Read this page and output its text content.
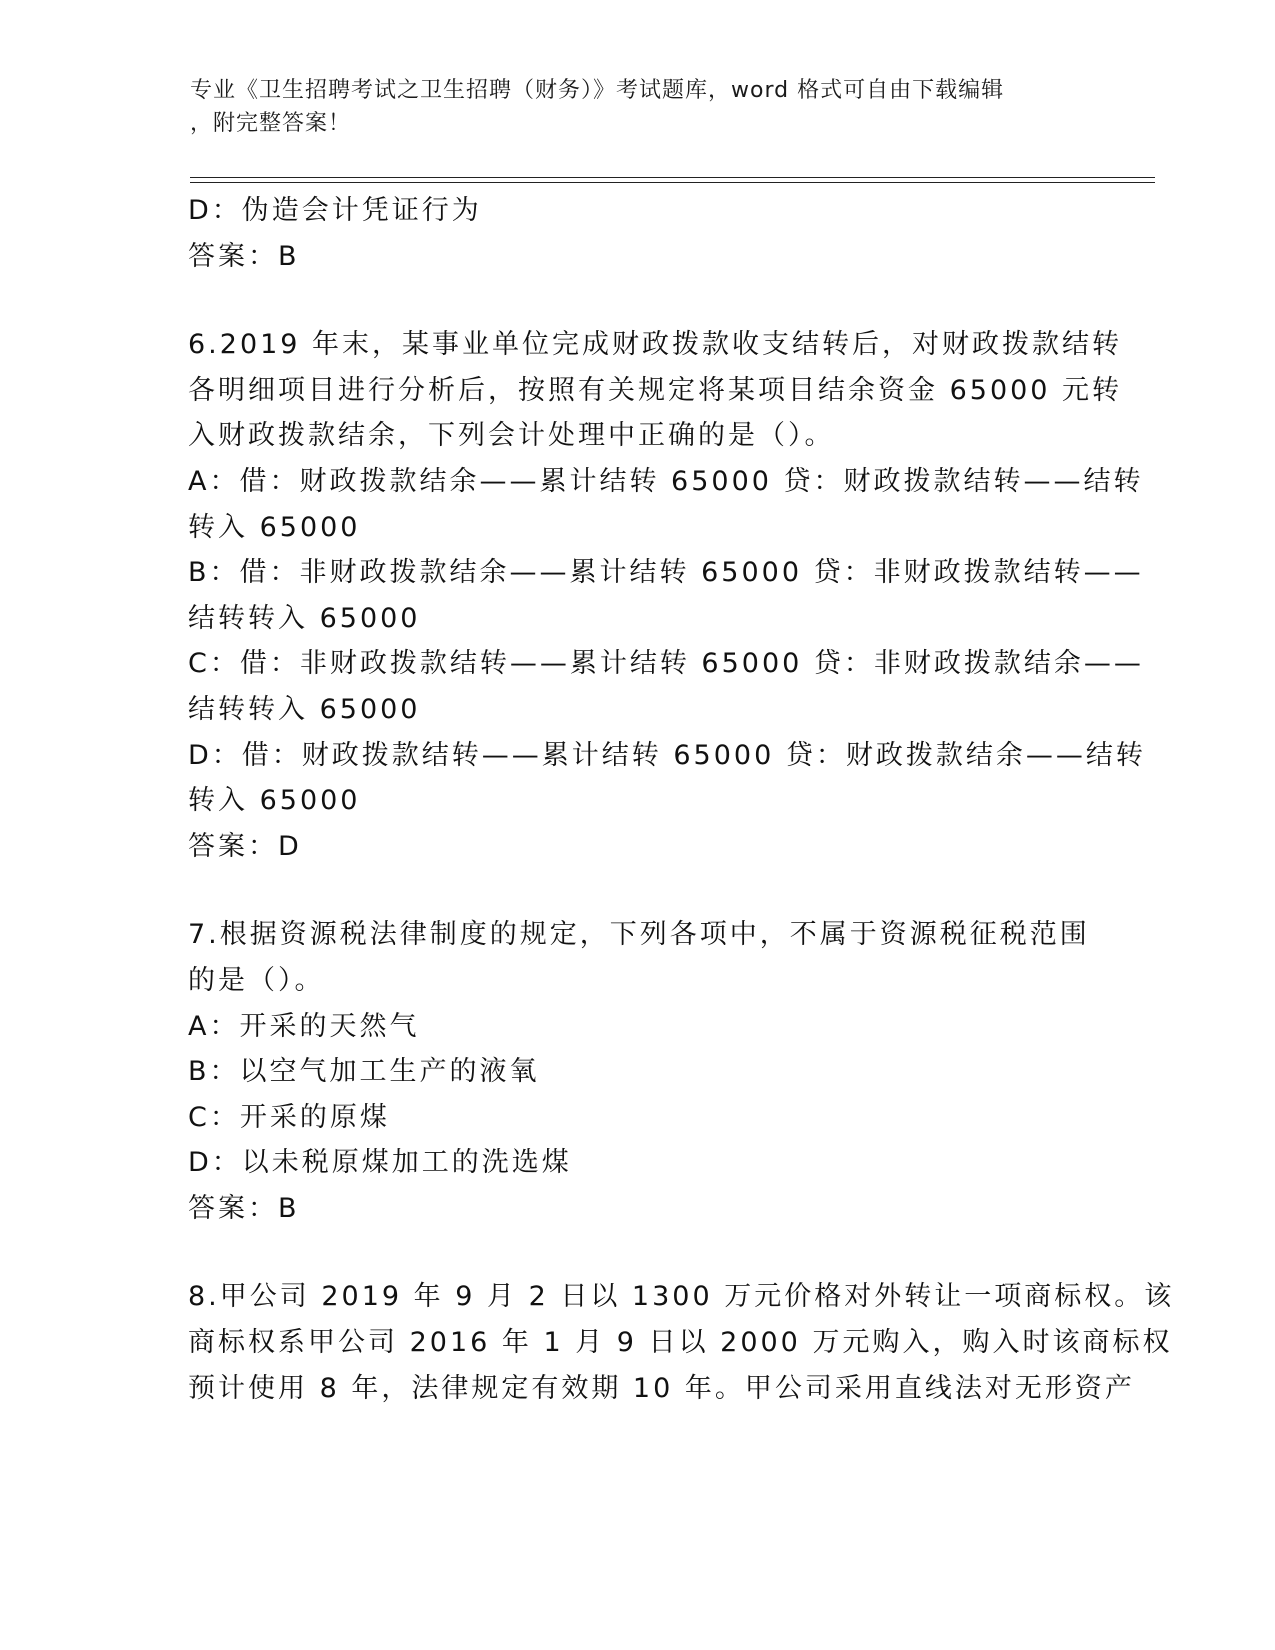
专业《卫生招聘考试之卫生招聘（财务）》考试题库，word 格式可自由下载编辑
，附完整答案！
D：伪造会计凭证行为
答案：B
6.2019 年末，某事业单位完成财政拨款收支结转后，对财政拨款结转
各明细项目进行分析后，按照有关规定将某项目结余资金 65000 元转
入财政拨款结余，下列会计处理中正确的是（）。
A：借：财政拨款结余——累计结转 65000 贷：财政拨款结转——结转
转入 65000
B：借：非财政拨款结余——累计结转 65000 贷：非财政拨款结转——
结转转入 65000
C：借：非财政拨款结转——累计结转 65000 贷：非财政拨款结余——
结转转入 65000
D：借：财政拨款结转——累计结转 65000 贷：财政拨款结余——结转
转入 65000
答案：D
7.根据资源税法律制度的规定，下列各项中，不属于资源税征税范围
的是（）。
A：开采的天然气
B：以空气加工生产的液氧
C：开采的原煤
D：以未税原煤加工的洗选煤
答案：B
8.甲公司 2019 年 9 月 2 日以 1300 万元价格对外转让一项商标权。该
商标权系甲公司 2016 年 1 月 9 日以 2000 万元购入，购入时该商标权
预计使用 8 年，法律规定有效期 10 年。甲公司采用直线法对无形资产
